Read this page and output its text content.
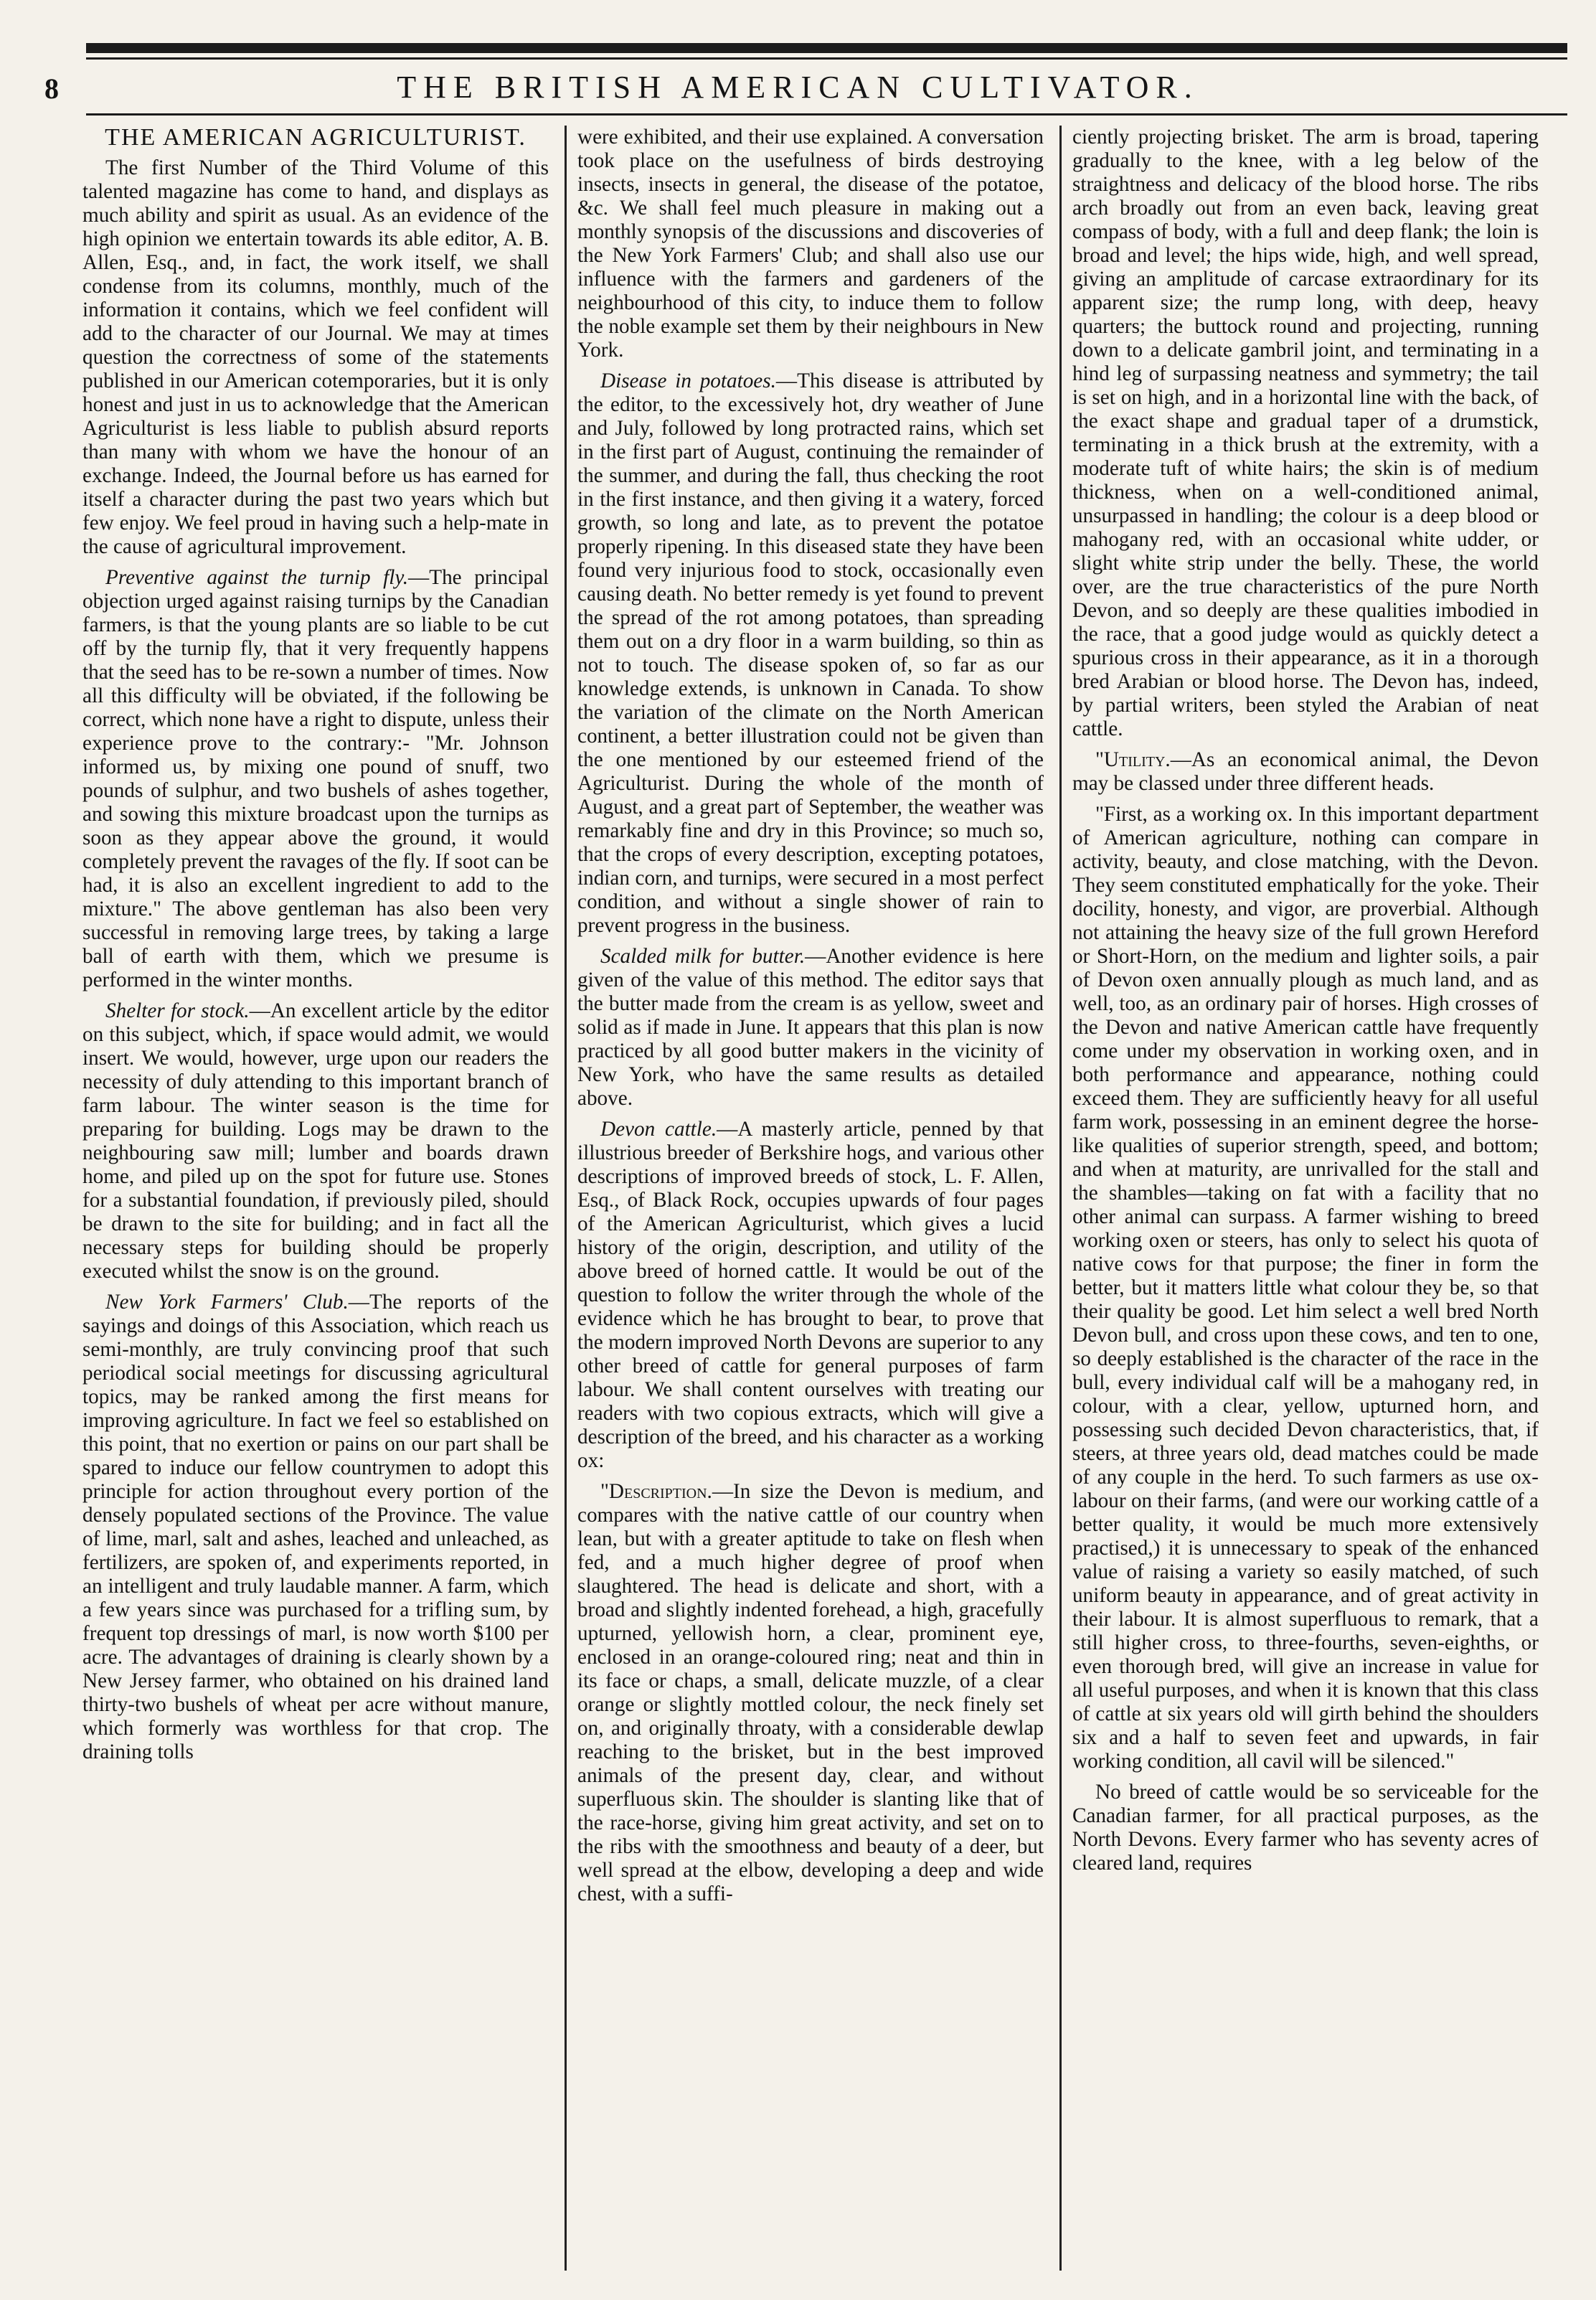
8	THE BRITISH AMERICAN CULTIVATOR.

THE AMERICAN AGRICULTURIST.

The first Number of the Third Volume of this talented magazine has come to hand, and displays as much ability and spirit as usual. As an evidence of the high opinion we entertain towards its able editor, A. B. Allen, Esq., and, in fact, the work itself, we shall condense from its columns, monthly, much of the information it contains, which we feel confident will add to the character of our Journal. We may at times question the correctness of some of the statements published in our American cotemporaries, but it is only honest and just in us to acknowledge that the American Agriculturist is less liable to publish absurd reports than many with whom we have the honour of an exchange. Indeed, the Journal before us has earned for itself a character during the past two years which but few enjoy. We feel proud in having such a help-mate in the cause of agricultural improvement.

Preventive against the turnip fly.—The principal objection urged against raising turnips by the Canadian farmers, is that the young plants are so liable to be cut off by the turnip fly, that it very frequently happens that the seed has to be re-sown a number of times. Now all this difficulty will be obviated, if the following be correct, which none have a right to dispute, unless their experience prove to the contrary:- "Mr. Johnson informed us, by mixing one pound of snuff, two pounds of sulphur, and two bushels of ashes together, and sowing this mixture broadcast upon the turnips as soon as they appear above the ground, it would completely prevent the ravages of the fly. If soot can be had, it is also an excellent ingredient to add to the mixture." The above gentleman has also been very successful in removing large trees, by taking a large ball of earth with them, which we presume is performed in the winter months.

Shelter for stock.—An excellent article by the editor on this subject, which, if space would admit, we would insert. We would, however, urge upon our readers the necessity of duly attending to this important branch of farm labour. The winter season is the time for preparing for building. Logs may be drawn to the neighbouring saw mill; lumber and boards drawn home, and piled up on the spot for future use. Stones for a substantial foundation, if previously piled, should be drawn to the site for building; and in fact all the necessary steps for building should be properly executed whilst the snow is on the ground.

New York Farmers' Club.—The reports of the sayings and doings of this Association, which reach us semi-monthly, are truly convincing proof that such periodical social meetings for discussing agricultural topics, may be ranked among the first means for improving agriculture. In fact we feel so established on this point, that no exertion or pains on our part shall be spared to induce our fellow countrymen to adopt this principle for action throughout every portion of the densely populated sections of the Province. The value of lime, marl, salt and ashes, leached and unleached, as fertilizers, are spoken of, and experiments reported, in an intelligent and truly laudable manner. A farm, which a few years since was purchased for a trifling sum, by frequent top dressings of marl, is now worth $100 per acre. The advantages of draining is clearly shown by a New Jersey farmer, who obtained on his drained land thirty-two bushels of wheat per acre without manure, which formerly was worthless for that crop. The draining tolls

were exhibited, and their use explained. A conversation took place on the usefulness of birds destroying insects, insects in general, the disease of the potatoe, &c. We shall feel much pleasure in making out a monthly synopsis of the discussions and discoveries of the New York Farmers' Club; and shall also use our influence with the farmers and gardeners of the neighbourhood of this city, to induce them to follow the noble example set them by their neighbours in New York.

Disease in potatoes.—This disease is attributed by the editor, to the excessively hot, dry weather of June and July, followed by long protracted rains, which set in the first part of August, continuing the remainder of the summer, and during the fall, thus checking the root in the first instance, and then giving it a watery, forced growth, so long and late, as to prevent the potatoe properly ripening. In this diseased state they have been found very injurious food to stock, occasionally even causing death. No better remedy is yet found to prevent the spread of the rot among potatoes, than spreading them out on a dry floor in a warm building, so thin as not to touch. The disease spoken of, so far as our knowledge extends, is unknown in Canada. To show the variation of the climate on the North American continent, a better illustration could not be given than the one mentioned by our esteemed friend of the Agriculturist. During the whole of the month of August, and a great part of September, the weather was remarkably fine and dry in this Province; so much so, that the crops of every description, excepting potatoes, indian corn, and turnips, were secured in a most perfect condition, and without a single shower of rain to prevent progress in the business.

Scalded milk for butter.—Another evidence is here given of the value of this method. The editor says that the butter made from the cream is as yellow, sweet and solid as if made in June. It appears that this plan is now practiced by all good butter makers in the vicinity of New York, who have the same results as detailed above.

Devon cattle.—A masterly article, penned by that illustrious breeder of Berkshire hogs, and various other descriptions of improved breeds of stock, L. F. Allen, Esq., of Black Rock, occupies upwards of four pages of the American Agriculturist, which gives a lucid history of the origin, description, and utility of the above breed of horned cattle. It would be out of the question to follow the writer through the whole of the evidence which he has brought to bear, to prove that the modern improved North Devons are superior to any other breed of cattle for general purposes of farm labour. We shall content ourselves with treating our readers with two copious extracts, which will give a description of the breed, and his character as a working ox:

"Description.—In size the Devon is medium, and compares with the native cattle of our country when lean, but with a greater aptitude to take on flesh when fed, and a much higher degree of proof when slaughtered. The head is delicate and short, with a broad and slightly indented forehead, a high, gracefully upturned, yellowish horn, a clear, prominent eye, enclosed in an orange-coloured ring; neat and thin in its face or chaps, a small, delicate muzzle, of a clear orange or slightly mottled colour, the neck finely set on, and originally throaty, with a considerable dewlap reaching to the brisket, but in the best improved animals of the present day, clear, and without superfluous skin. The shoulder is slanting like that of the race-horse, giving him great activity, and set on to the ribs with the smoothness and beauty of a deer, but well spread at the elbow, developing a deep and wide chest, with a suffi-

ciently projecting brisket. The arm is broad, tapering gradually to the knee, with a leg below of the straightness and delicacy of the blood horse. The ribs arch broadly out from an even back, leaving great compass of body, with a full and deep flank; the loin is broad and level; the hips wide, high, and well spread, giving an amplitude of carcase extraordinary for its apparent size; the rump long, with deep, heavy quarters; the buttock round and projecting, running down to a delicate gambril joint, and terminating in a hind leg of surpassing neatness and symmetry; the tail is set on high, and in a horizontal line with the back, of the exact shape and gradual taper of a drumstick, terminating in a thick brush at the extremity, with a moderate tuft of white hairs; the skin is of medium thickness, when on a well-conditioned animal, unsurpassed in handling; the colour is a deep blood or mahogany red, with an occasional white udder, or slight white strip under the belly. These, the world over, are the true characteristics of the pure North Devon, and so deeply are these qualities imbodied in the race, that a good judge would as quickly detect a spurious cross in their appearance, as it in a thorough bred Arabian or blood horse. The Devon has, indeed, by partial writers, been styled the Arabian of neat cattle.

"Utility.—As an economical animal, the Devon may be classed under three different heads.

"First, as a working ox. In this important department of American agriculture, nothing can compare in activity, beauty, and close matching, with the Devon. They seem constituted emphatically for the yoke. Their docility, honesty, and vigor, are proverbial. Although not attaining the heavy size of the full grown Hereford or Short-Horn, on the medium and lighter soils, a pair of Devon oxen annually plough as much land, and as well, too, as an ordinary pair of horses. High crosses of the Devon and native American cattle have frequently come under my observation in working oxen, and in both performance and appearance, nothing could exceed them. They are sufficiently heavy for all useful farm work, possessing in an eminent degree the horse-like qualities of superior strength, speed, and bottom; and when at maturity, are unrivalled for the stall and the shambles—taking on fat with a facility that no other animal can surpass. A farmer wishing to breed working oxen or steers, has only to select his quota of native cows for that purpose; the finer in form the better, but it matters little what colour they be, so that their quality be good. Let him select a well bred North Devon bull, and cross upon these cows, and ten to one, so deeply established is the character of the race in the bull, every individual calf will be a mahogany red, in colour, with a clear, yellow, upturned horn, and possessing such decided Devon characteristics, that, if steers, at three years old, dead matches could be made of any couple in the herd. To such farmers as use ox-labour on their farms, (and were our working cattle of a better quality, it would be much more extensively practised,) it is unnecessary to speak of the enhanced value of raising a variety so easily matched, of such uniform beauty in appearance, and of great activity in their labour. It is almost superfluous to remark, that a still higher cross, to three-fourths, seven-eighths, or even thorough bred, will give an increase in value for all useful purposes, and when it is known that this class of cattle at six years old will girth behind the shoulders six and a half to seven feet and upwards, in fair working condition, all cavil will be silenced."

No breed of cattle would be so serviceable for the Canadian farmer, for all practical purposes, as the North Devons. Every farmer who has seventy acres of cleared land, requires
